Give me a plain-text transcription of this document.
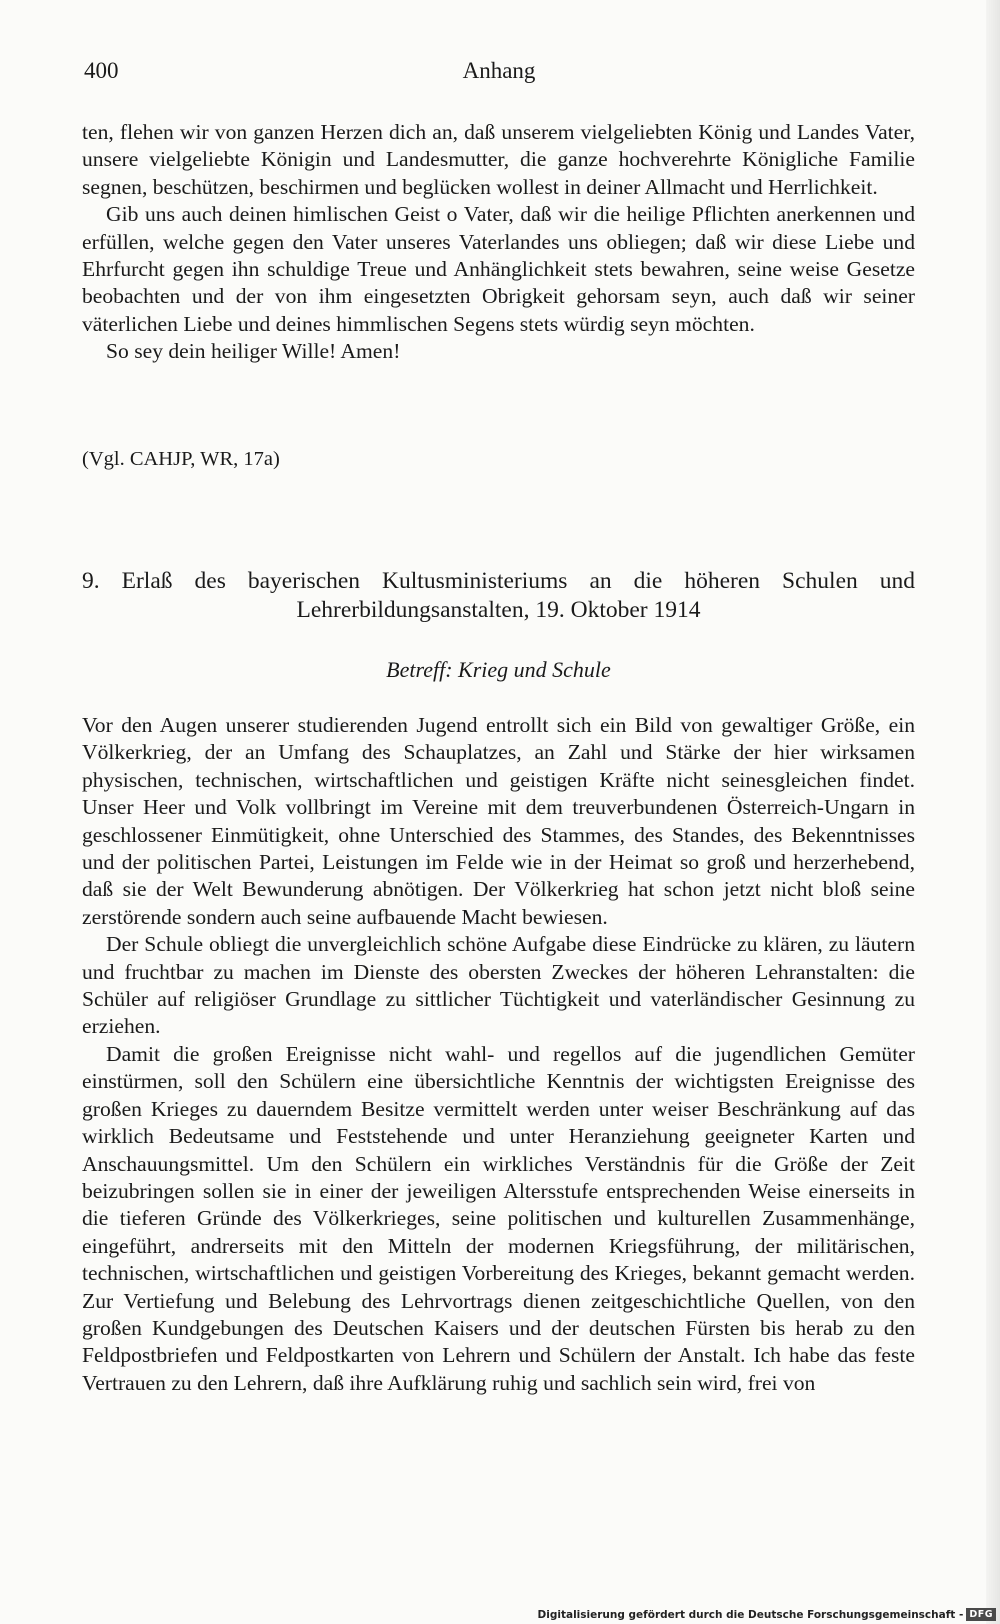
400	Anhang

ten, flehen wir von ganzen Herzen dich an, daß unserem vielgeliebten König und Landes Vater, unsere vielgeliebte Königin und Landesmutter, die ganze hochverehrte Königliche Familie segnen, beschützen, beschirmen und beglücken wollest in deiner Allmacht und Herrlichkeit.

Gib uns auch deinen himlischen Geist o Vater, daß wir die heilige Pflichten anerkennen und erfüllen, welche gegen den Vater unseres Vaterlandes uns obliegen; daß wir diese Liebe und Ehrfurcht gegen ihn schuldige Treue und Anhänglichkeit stets bewahren, seine weise Gesetze beobachten und der von ihm eingesetzten Obrigkeit gehorsam seyn, auch daß wir seiner väterlichen Liebe und deines himmlischen Segens stets würdig seyn möchten.

So sey dein heiliger Wille! Amen!

(Vgl. CAHJP, WR, 17a)
9. Erlaß des bayerischen Kultusministeriums an die höheren Schulen und
Lehrerbildungsanstalten, 19. Oktober 1914
Betreff: Krieg und Schule

Vor den Augen unserer studierenden Jugend entrollt sich ein Bild von gewaltiger Größe, ein Völkerkrieg, der an Umfang des Schauplatzes, an Zahl und Stärke der hier wirksamen physischen, technischen, wirtschaftlichen und geistigen Kräfte nicht seinesgleichen findet. Unser Heer und Volk vollbringt im Vereine mit dem treuverbundenen Österreich-Ungarn in geschlossener Einmütigkeit, ohne Unterschied des Stammes, des Standes, des Bekenntnisses und der politischen Partei, Leistungen im Felde wie in der Heimat so groß und herzerhebend, daß sie der Welt Bewunderung abnötigen. Der Völkerkrieg hat schon jetzt nicht bloß seine zerstörende sondern auch seine aufbauende Macht bewiesen.

Der Schule obliegt die unvergleichlich schöne Aufgabe diese Eindrücke zu klären, zu läutern und fruchtbar zu machen im Dienste des obersten Zweckes der höheren Lehranstalten: die Schüler auf religiöser Grundlage zu sittlicher Tüchtigkeit und vaterländischer Gesinnung zu erziehen.

Damit die großen Ereignisse nicht wahl- und regellos auf die jugendlichen Gemüter einstürmen, soll den Schülern eine übersichtliche Kenntnis der wichtigsten Ereignisse des großen Krieges zu dauerndem Besitze vermittelt werden unter weiser Beschränkung auf das wirklich Bedeutsame und Feststehende und unter Heranziehung geeigneter Karten und Anschauungsmittel. Um den Schülern ein wirkliches Verständnis für die Größe der Zeit beizubringen sollen sie in einer der jeweiligen Altersstufe entsprechenden Weise einerseits in die tieferen Gründe des Völkerkrieges, seine politischen und kulturellen Zusammenhänge, eingeführt, andrerseits mit den Mitteln der modernen Kriegsführung, der militärischen, technischen, wirtschaftlichen und geistigen Vorbereitung des Krieges, bekannt gemacht werden. Zur Vertiefung und Belebung des Lehrvortrags dienen zeitgeschichtliche Quellen, von den großen Kundgebungen des Deutschen Kaisers und der deutschen Fürsten bis herab zu den Feldpostbriefen und Feldpostkarten von Lehrern und Schülern der Anstalt. Ich habe das feste Vertrauen zu den Lehrern, daß ihre Aufklärung ruhig und sachlich sein wird, frei von

Digitalisierung gefördert durch die Deutsche Forschungsgemeinschaft - DFG
